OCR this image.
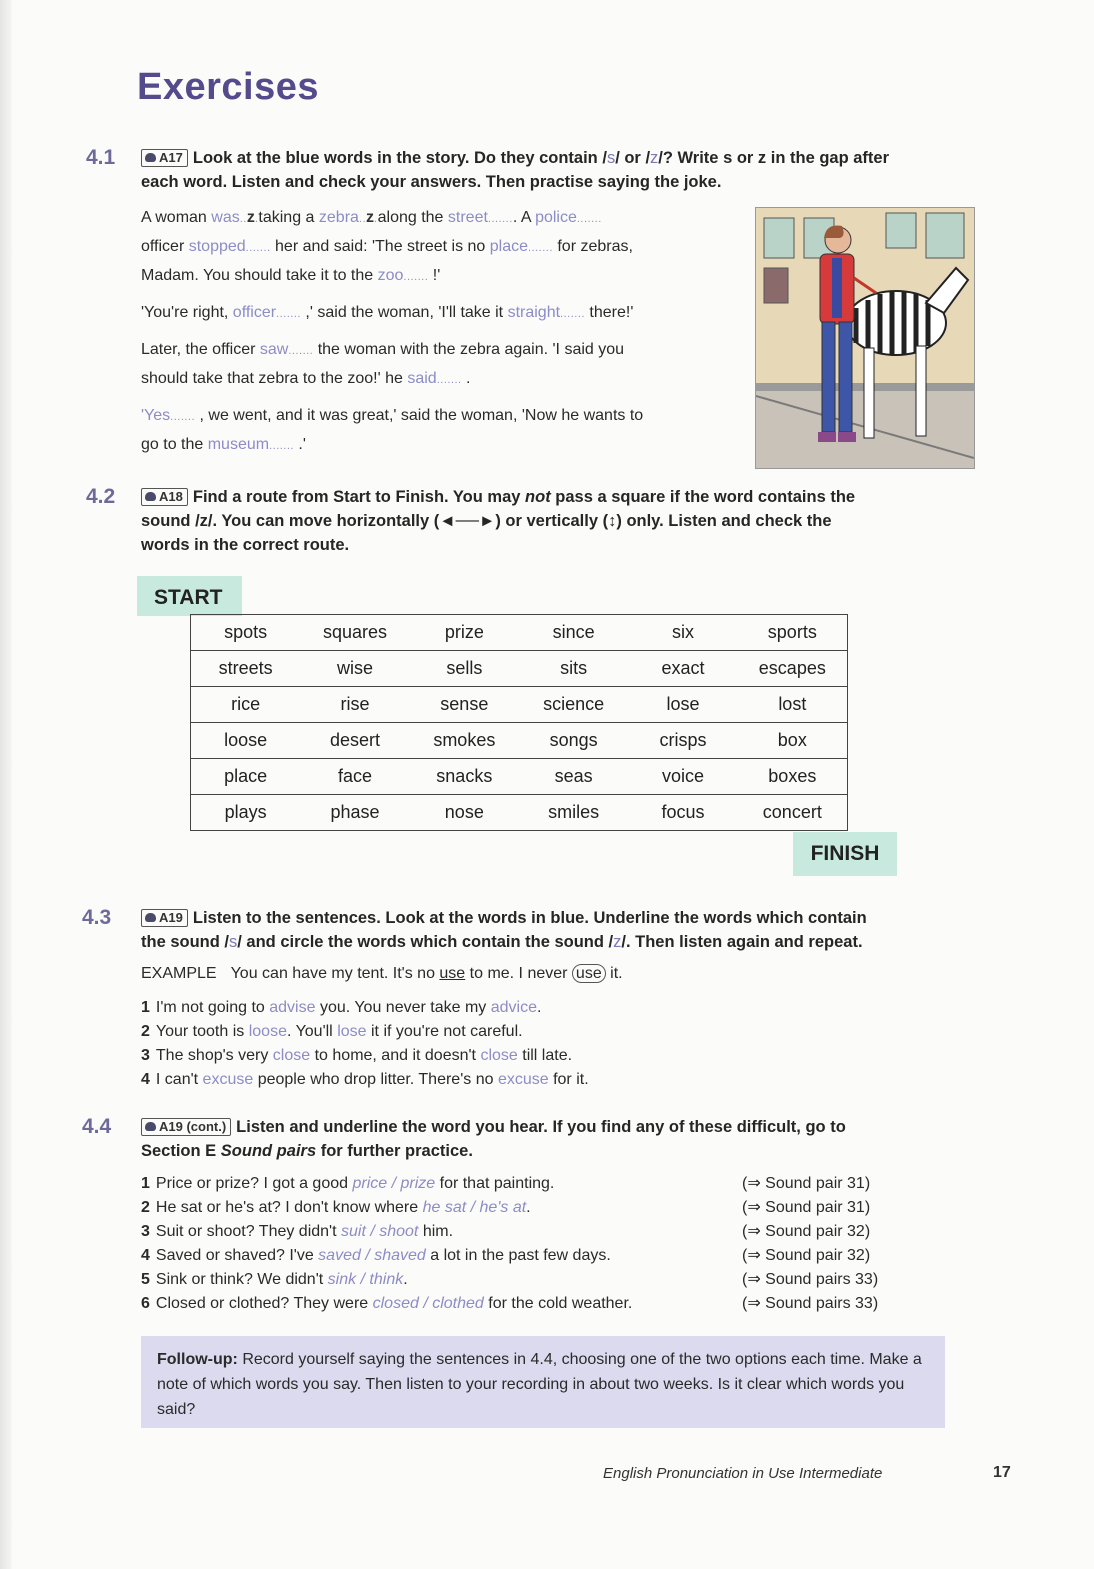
Exercises
4.1	A17 Look at the blue words in the story. Do they contain /s/ or /z/? Write s or z in the gap after each word. Listen and check your answers. Then practise saying the joke.

A woman was..z.taking a zebra..z.along the street........ A police.......
officer stopped....... her and said: 'The street is no place....... for zebras,
Madam. You should take it to the zoo....... !'

'You're right, officer....... ,' said the woman, 'I'll take it straight....... there!'

Later, the officer saw....... the woman with the zebra again. 'I said you
should take that zebra to the zoo!' he said....... .

'Yes....... , we went, and it was great,' said the woman, 'Now he wants to
go to the museum....... .'

4.2	A18 Find a route from Start to Finish. You may not pass a square if the word contains the
sound /z/. You can move horizontally (◄──►) or vertically (↕) only. Listen and check the
words in the correct route.
START
spots	squares	prize	since	six	sports
streets	wise	sells	sits	exact	escapes
rice	rise	sense	science	lose	lost
loose	desert	smokes	songs	crisps	box
place	face	snacks	seas	voice	boxes
plays	phase	nose	smiles	focus	concert
FINISH
4.3	A19 Listen to the sentences. Look at the words in blue. Underline the words which contain
the sound /s/ and circle the words which contain the sound /z/. Then listen again and repeat.
EXAMPLE You can have my tent. It's no use to me. I never use it.
1 I'm not going to advise you. You never take my advice.
2 Your tooth is loose. You'll lose it if you're not careful.
3 The shop's very close to home, and it doesn't close till late.
4 I can't excuse people who drop litter. There's no excuse for it.
4.4	A19 (cont.) Listen and underline the word you hear. If you find any of these difficult, go to
Section E Sound pairs for further practice.
1 Price or prize? I got a good price / prize for that painting.	(⇒ Sound pair 31)
2 He sat or he's at? I don't know where he sat / he's at.	(⇒ Sound pair 31)
3 Suit or shoot? They didn't suit / shoot him.	(⇒ Sound pair 32)
4 Saved or shaved? I've saved / shaved a lot in the past few days.	(⇒ Sound pair 32)
5 Sink or think? We didn't sink / think.	(⇒ Sound pairs 33)
6 Closed or clothed? They were closed / clothed for the cold weather.	(⇒ Sound pairs 33)
Follow-up: Record yourself saying the sentences in 4.4, choosing one of the two options each time. Make a note of which words you say. Then listen to your recording in about two weeks. Is it clear which words you said?
English Pronunciation in Use Intermediate	17
